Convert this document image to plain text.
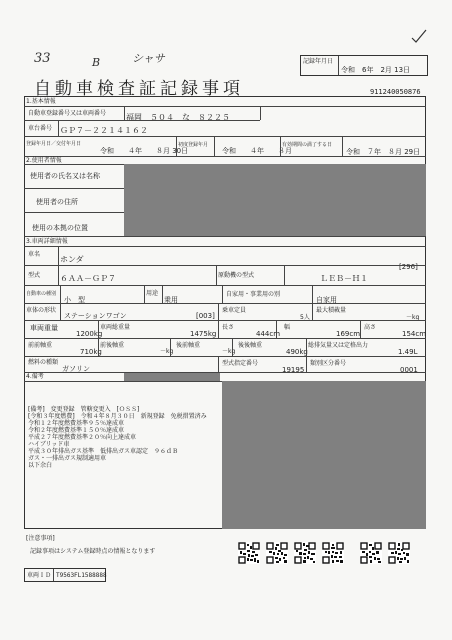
33	B	シャサ	記録年月日
令和　6年　2月 13日
自動車検査証記録事項	911240050876
1.基本情報
自動車登録番号又は車両番号 福岡　５０４　な　８２２５
車台番号 ＧＰ７－２２１４１６２
登録年月日／交付年月日
令和　　４年　　８月 30日
初度登録年月
令和　　４年　　８月
有効期間の満了する日
令和　７年　８月 29日
2.使用者情報
使用者の氏名又は名称
使用者の住所
使用の本拠の位置
3.車両詳細情報
車名
ホンダ
[296]
型式 ６ＡＡ－ＧＰ７	原動機の型式	ＬＥＢ－Ｈ１
自動車の種別
小　型
用途
乗用
自家用・事業用の別
自家用
車体の形状
ステーションワゴン	[003]
乗車定員
5人
最大積載量
－kg
車両重量
1200kg
車両総重量
1475kg
長さ
444cm
幅
169cm
高さ
154cm
前前軸重
710kg
前後軸重
－kg
後前軸重
－kg
後後軸重
490kg
総排気量又は定格出力
1.49L
燃料の種類
ガソリン
型式指定番号
19195
類別区分番号
0001
4.備考
[備考]　変更登録　管轄変更入　[ＯＳＳ]
[令和３年度燃費]　令和４年８月３０日　新規登録　免税措置済み
令和１２年度燃費基準９５％達成車
令和２年度燃費基準１５０％達成車
平成２７年度燃費基準２０％向上達成車
ハイブリッド車
平成３０年排出ガス基準　低排出ガス車認定　９６ｄＢ
ガス・一排出ガス規制適用車
以下余白
[注意事項]
記録事項はシステム登録時点の情報となります
車両ＩＤ T9563FL1588888
